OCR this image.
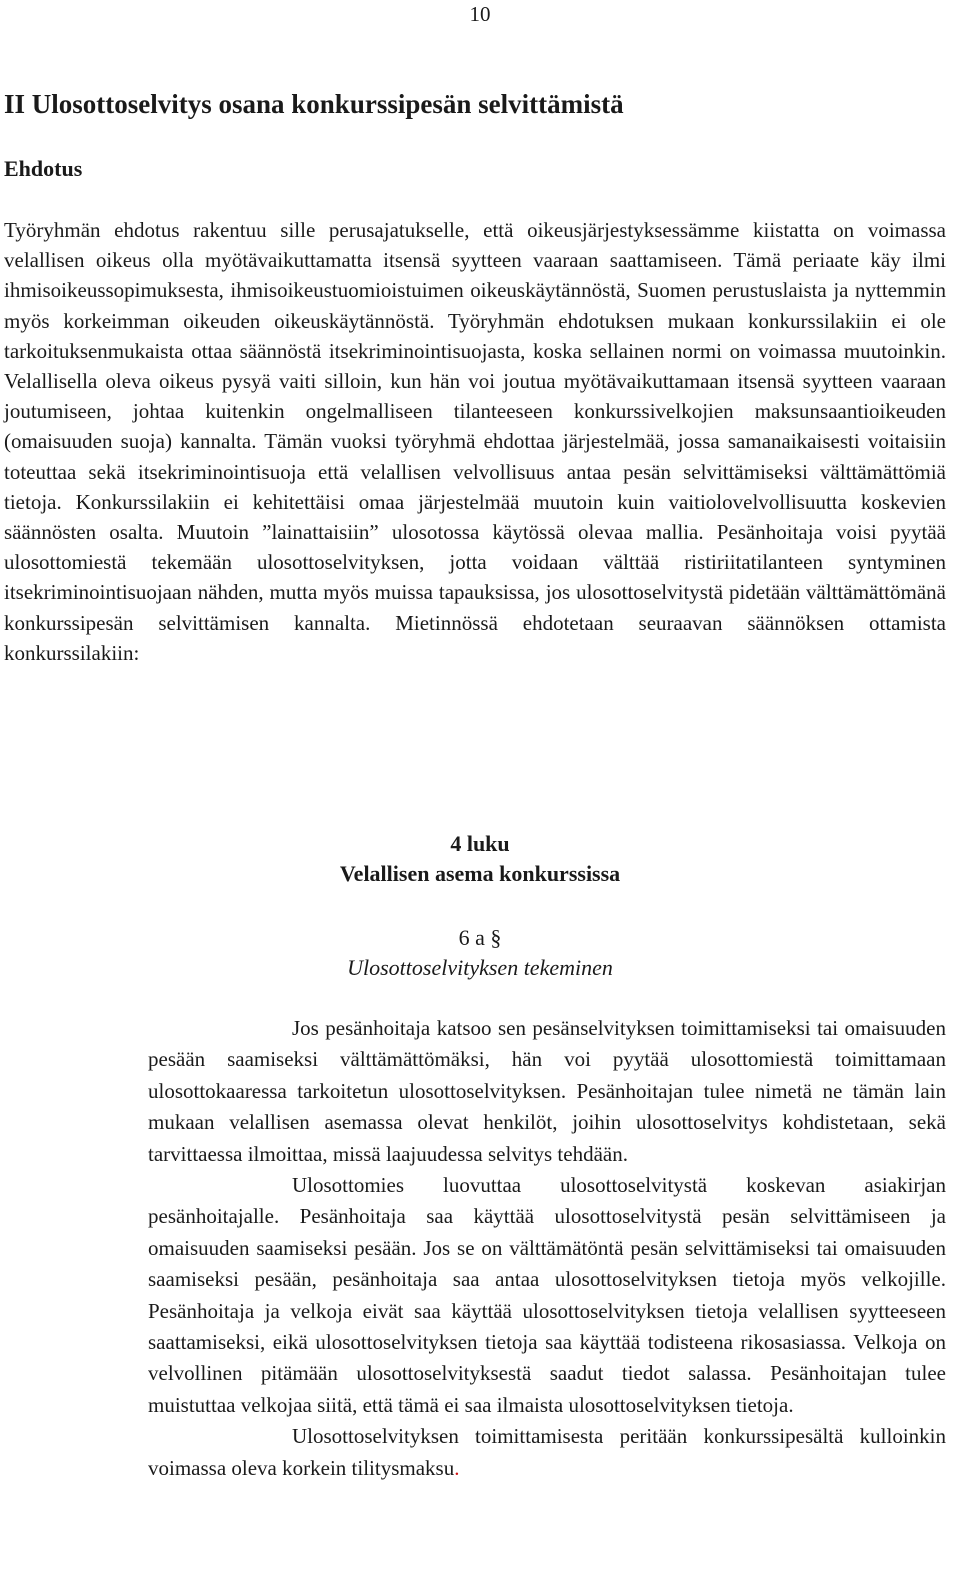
10
II Ulosottoselvitys osana konkurssipesän selvittämistä
Ehdotus

Työryhmän ehdotus rakentuu sille perusajatukselle, että oikeusjärjestyksessämme kiistatta on voimassa velallisen oikeus olla myötävaikuttamatta itsensä syytteen vaaraan saattamiseen. Tämä periaate käy ilmi ihmisoikeussopimuksesta, ihmisoikeustuomioistuimen oikeuskäytännöstä, Suomen perustuslaista ja nyttemmin myös korkeimman oikeuden oikeuskäytännöstä. Työryhmän ehdotuksen mukaan konkurssilakiin ei ole tarkoituksenmukaista ottaa säännöstä itsekriminointisuojasta, koska sellainen normi on voimassa muutoinkin. Velallisella oleva oikeus pysyä vaiti silloin, kun hän voi joutua myötävaikuttamaan itsensä syytteen vaaraan joutumiseen, johtaa kuitenkin ongelmalliseen tilanteeseen konkurssivelkojien maksunsaantioikeuden (omaisuuden suoja) kannalta. Tämän vuoksi työryhmä ehdottaa järjestelmää, jossa samanaikaisesti voitaisiin toteuttaa sekä itsekriminointisuoja että velallisen velvollisuus antaa pesän selvittämiseksi välttämättömiä tietoja. Konkurssilakiin ei kehitettäisi omaa järjestelmää muutoin kuin vaitiolovelvollisuutta koskevien säännösten osalta. Muutoin ”lainattaisiin” ulosotossa käytössä olevaa mallia. Pesänhoitaja voisi pyytää ulosottomiestä tekemään ulosottoselvityksen, jotta voidaan välttää ristiriitatilanteen syntyminen itsekriminointisuojaan nähden, mutta myös muissa tapauksissa, jos ulosottoselvitystä pidetään välttämättömänä konkurssipesän selvittämisen kannalta. Mietinnössä ehdotetaan seuraavan säännöksen ottamista konkurssilakiin:

4 luku
Velallisen asema konkurssissa
6 a §
Ulosottoselvityksen tekeminen

Jos pesänhoitaja katsoo sen pesänselvityksen toimittamiseksi tai omaisuuden pesään saamiseksi välttämättömäksi, hän voi pyytää ulosottomiestä toimittamaan ulosottokaaressa tarkoitetun ulosottoselvityksen. Pesänhoitajan tulee nimetä ne tämän lain mukaan velallisen asemassa olevat henkilöt, joihin ulosottoselvitys kohdistetaan, sekä tarvittaessa ilmoittaa, missä laajuudessa selvitys tehdään.

Ulosottomies luovuttaa ulosottoselvitystä koskevan asiakirjan pesänhoitajalle. Pesänhoitaja saa käyttää ulosottoselvitystä pesän selvittämiseen ja omaisuuden saamiseksi pesään. Jos se on välttämätöntä pesän selvittämiseksi tai omaisuuden saamiseksi pesään, pesänhoitaja saa antaa ulosottoselvityksen tietoja myös velkojille. Pesänhoitaja ja velkoja eivät saa käyttää ulosottoselvityksen tietoja velallisen syytteeseen saattamiseksi, eikä ulosottoselvityksen tietoja saa käyttää todisteena rikosasiassa. Velkoja on velvollinen pitämään ulosottoselvityksestä saadut tiedot salassa. Pesänhoitajan tulee muistuttaa velkojaa siitä, että tämä ei saa ilmaista ulosottoselvityksen tietoja.

Ulosottoselvityksen toimittamisesta peritään konkurssipesältä kulloinkin voimassa oleva korkein tilitysmaksu.
